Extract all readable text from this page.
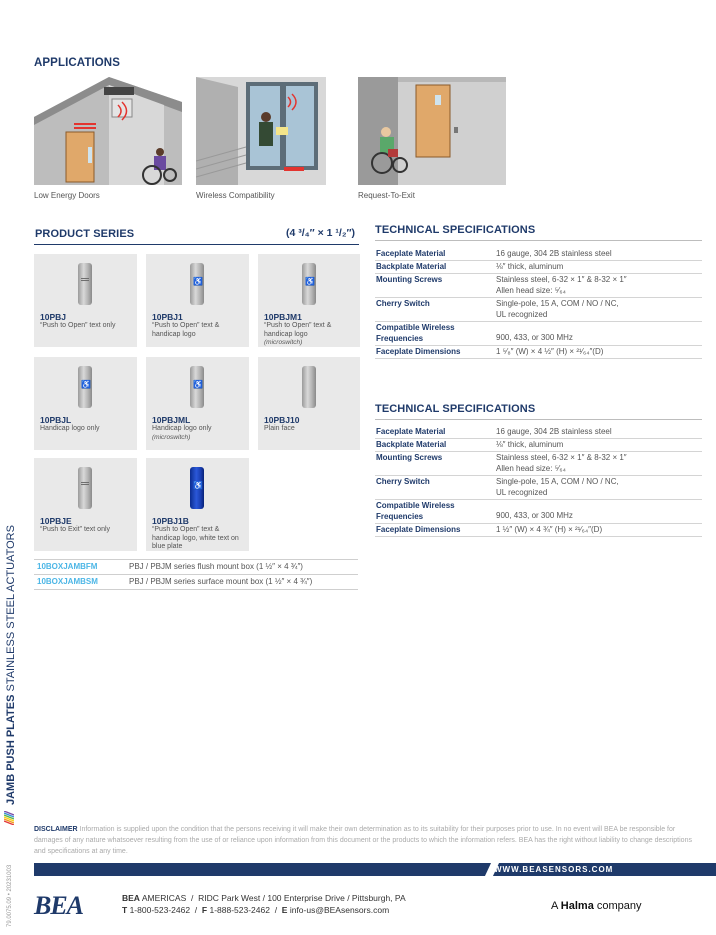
APPLICATIONS
Low Energy Doors	Wireless Compatibility	Request-To-Exit
PRODUCT SERIES	(4 ³/₄″ × 1 ¹/₂″)
10PBJ
“Push to Open” text only
♿
10PBJ1
“Push to Open” text & handicap logo
♿
10PBJM1
“Push to Open” text & handicap logo
(microswitch)
♿
10PBJL
Handicap logo only
♿
10PBJML
Handicap logo only
(microswitch)
10PBJ10
Plain face
10PBJE
“Push to Exit” text only
♿
10PBJ1B
“Push to Open” text & handicap logo, white text on blue plate
10BOXJAMBFM	PBJ / PBJM series flush mount box (1 ½″ × 4 ¾″)
10BOXJAMBSM	PBJ / PBJM series surface mount box (1 ½″ × 4 ¾″)
TECHNICAL SPECIFICATIONS
Faceplate Material	16 gauge, 304 2B stainless steel
Backplate Material	⅛″ thick, aluminum
Mounting Screws	Stainless steel, 6-32 × 1″ & 8-32 × 1″
Allen head size: ⁵⁄₆₄
Cherry Switch	Single-pole, 15 A, COM / NO / NC,
UL recognized
Compatible Wireless
Frequencies	900, 433, or 300 MHz
Faceplate Dimensions	1 ⁵⁄₈″ (W) × 4 ½″ (H) × ²¹⁄₆₄″(D)
TECHNICAL SPECIFICATIONS
Faceplate Material	16 gauge, 304 2B stainless steel
Backplate Material	⅛″ thick, aluminum
Mounting Screws	Stainless steel, 6-32 × 1″ & 8-32 × 1″
Allen head size: ⁵⁄₆₄
Cherry Switch	Single-pole, 15 A, COM / NO / NC,
UL recognized
Compatible Wireless
Frequencies	900, 433, or 300 MHz
Faceplate Dimensions	1 ½″ (W) × 4 ¾″ (H) × ²¹⁄₆₄″(D)
JAMB PUSH PLATES STAINLESS STEEL ACTUATORS
79.0075.09 • 20231003
DISCLAIMER Information is supplied upon the condition that the persons receiving it will make their own determination as to its suitability for their purposes prior to use. In no event will BEA be responsible for damages of any nature whatsoever resulting from the use of or reliance upon information from this document or the products to which the information refers. BEA has the right without liability to change descriptions and specifications at any time.
WWW.BEASENSORS.COM
BEA	BEA AMERICAS  /  RIDC Park West / 100 Enterprise Drive / Pittsburgh, PA
T 1-800-523-2462  /  F 1-888-523-2462  /  E info-us@BEAsensors.com	A Halma company
